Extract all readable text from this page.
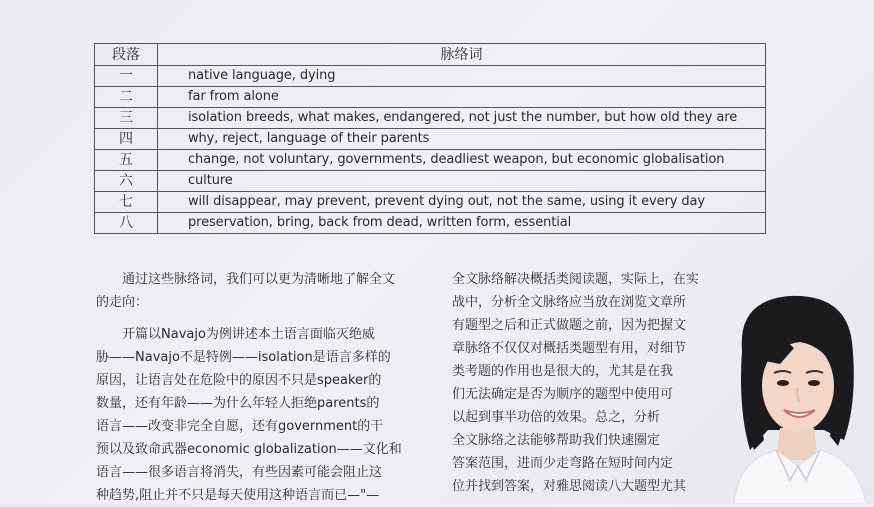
段落	脉络词
一	native language, dying
二	far from alone
三	isolation breeds, what makes, endangered, not just the number, but how old they are
四	why, reject, language of their parents
五	change, not voluntary, governments, deadliest weapon, but economic globalisation
六	culture
七	will disappear, may prevent, prevent dying out, not the same, using it every day
八	preservation, bring, back from dead, written form, essential

　　通过这些脉络词，我们可以更为清晰地了解全文
的走向：

　　开篇以Navajo为例讲述本土语言面临灭绝威
胁——Navajo不是特例——isolation是语言多样的
原因，让语言处在危险中的原因不只是speaker的
数量，还有年龄——为什么年轻人拒绝parents的
语言——改变非完全自愿，还有government的干
预以及致命武器economic globalization——文化和
语言——很多语言将消失，有些因素可能会阻止这
种趋势,阻止并不只是每天使用这种语言而已—"—

全文脉络解决概括类阅读题，实际上，在实
战中，分析全文脉络应当放在浏览文章所
有题型之后和正式做题之前，因为把握文
章脉络不仅仅对概括类题型有用，对细节
类考题的作用也是很大的，尤其是在我
们无法确定是否为顺序的题型中使用可
以起到事半功倍的效果。总之，分析
全文脉络之法能够帮助我们快速圈定
答案范围，进而少走弯路在短时间内定
位并找到答案，对雅思阅读八大题型尤其
